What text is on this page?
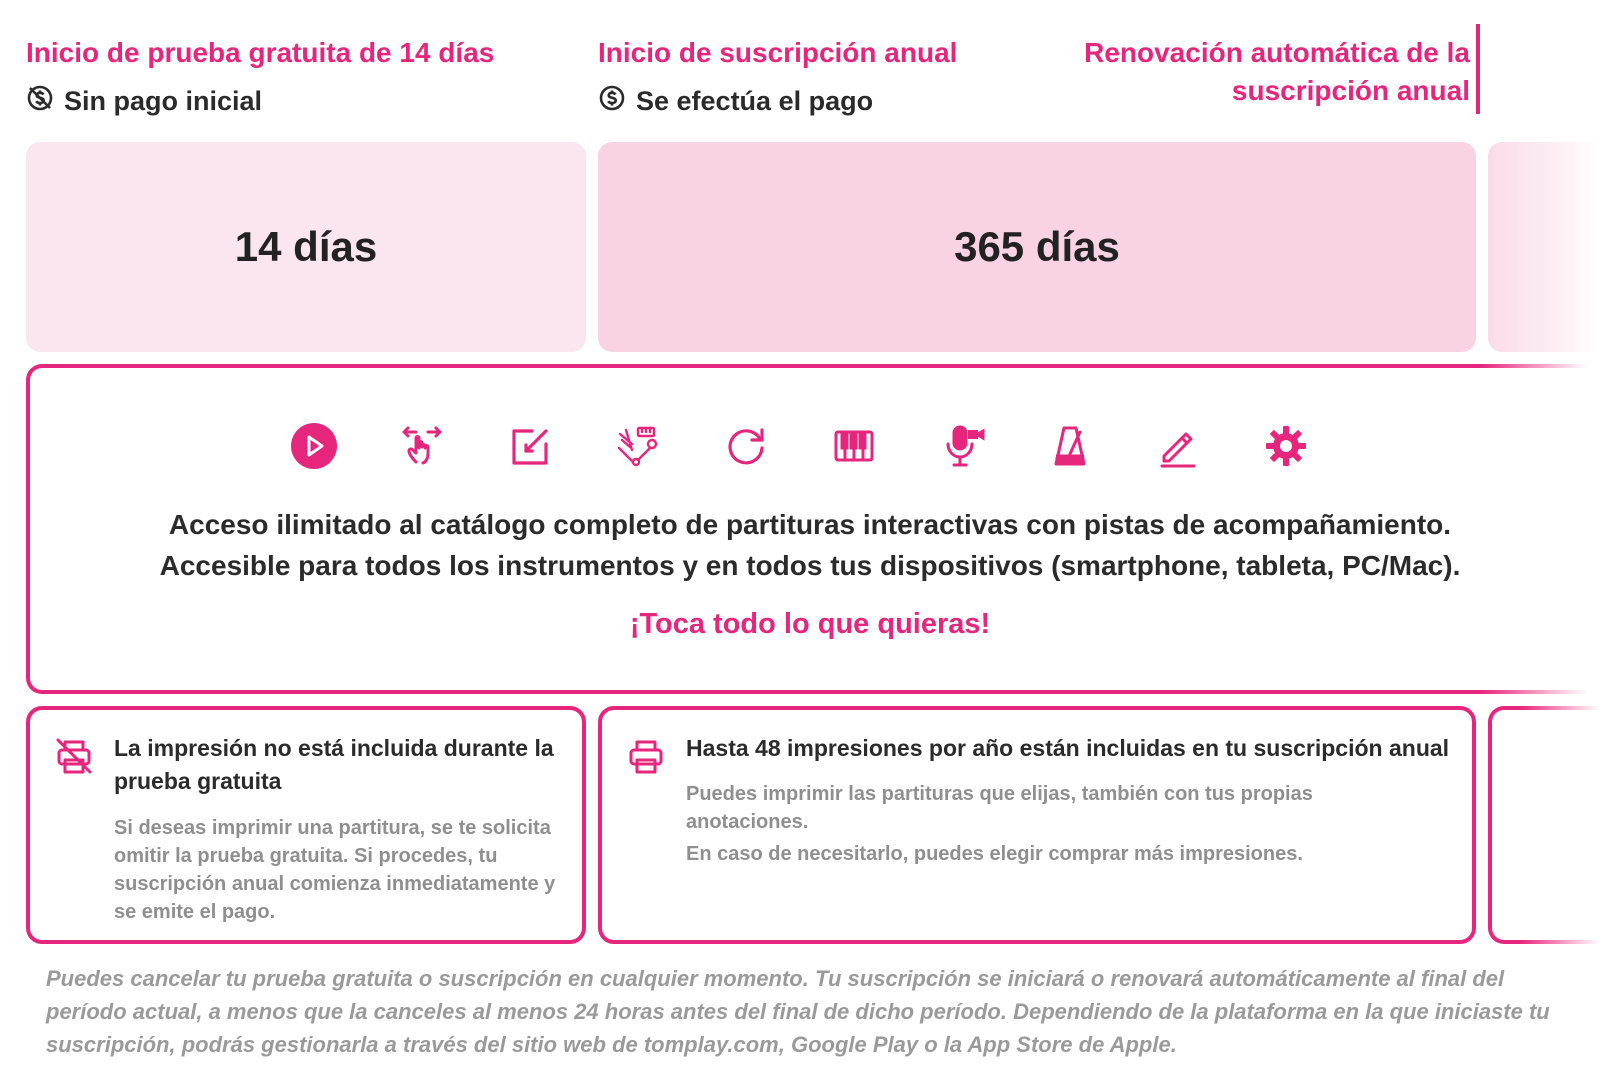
Inicio de prueba gratuita de 14 días
Sin pago inicial
Inicio de suscripción anual
Se efectúa el pago
Renovación automática de la
suscripción anual
14 días	365 días
Acceso ilimitado al catálogo completo de partituras interactivas con pistas de acompañamiento.
Accesible para todos los instrumentos y en todos tus dispositivos (smartphone, tableta, PC/Mac).
¡Toca todo lo que quieras!
La impresión no está incluida durante la prueba gratuita
Si deseas imprimir una partitura, se te solicita omitir la prueba gratuita. Si procedes, tu suscripción anual comienza inmediatamente y se emite el pago.
Hasta 48 impresiones por año están incluidas en tu suscripción anual
Puedes imprimir las partituras que elijas, también con tus propias anotaciones.
En caso de necesitarlo, puedes elegir comprar más impresiones.
Puedes cancelar tu prueba gratuita o suscripción en cualquier momento. Tu suscripción se iniciará o renovará automáticamente al final del período actual, a menos que la canceles al menos 24 horas antes del final de dicho período. Dependiendo de la plataforma en la que iniciaste tu suscripción, podrás gestionarla a través del sitio web de tomplay.com, Google Play o la App Store de Apple.
